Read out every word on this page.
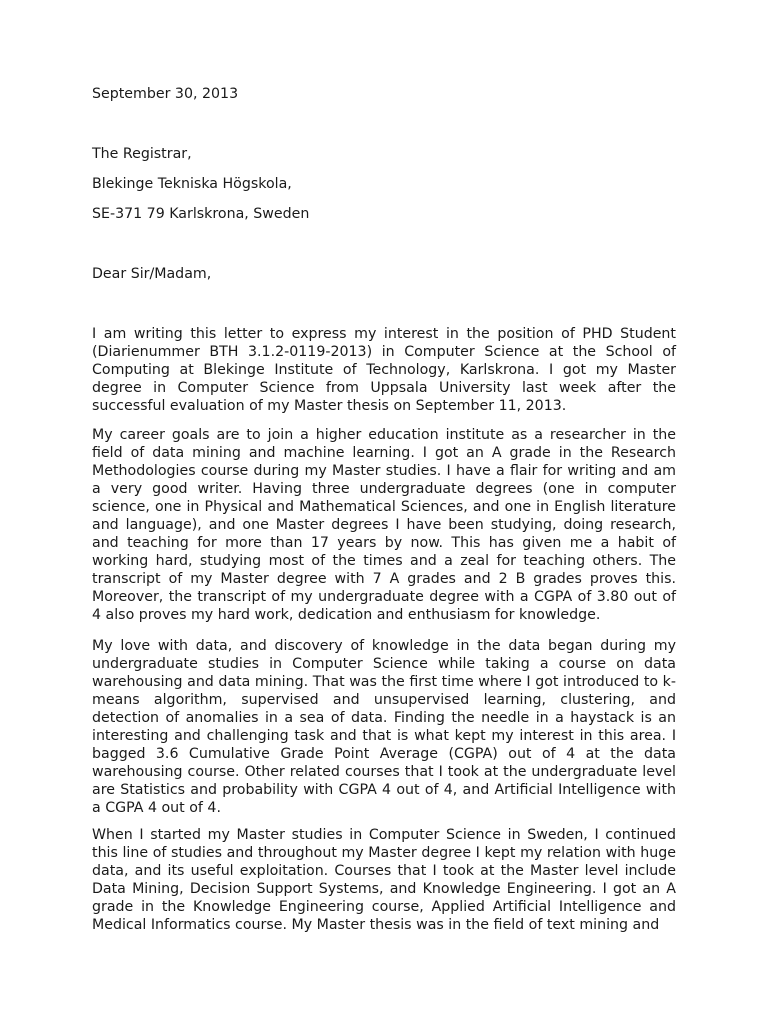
September 30, 2013

The Registrar,

Blekinge Tekniska Högskola,

SE-371 79 Karlskrona, Sweden

Dear Sir/Madam,

I am writing this letter to express my interest in the position of PHD Student (Diarienummer BTH 3.1.2-0119-2013) in Computer Science at the School of Computing at Blekinge Institute of Technology, Karlskrona. I got my Master degree in Computer Science from Uppsala University last week after the successful evaluation of my Master thesis on September 11, 2013.

My career goals are to join a higher education institute as a researcher in the field of data mining and machine learning. I got an A grade in the Research Methodologies course during my Master studies. I have a flair for writing and am a very good writer. Having three undergraduate degrees (one in computer science, one in Physical and Mathematical Sciences, and one in English literature and language), and one Master degrees I have been studying, doing research, and teaching for more than 17 years by now. This has given me a habit of working hard, studying most of the times and a zeal for teaching others. The transcript of my Master degree with 7 A grades and 2 B grades proves this. Moreover, the transcript of my undergraduate degree with a CGPA of 3.80 out of 4 also proves my hard work, dedication and enthusiasm for knowledge.

My love with data, and discovery of knowledge in the data began during my undergraduate studies in Computer Science while taking a course on data warehousing and data mining. That was the first time where I got introduced to k-means algorithm, supervised and unsupervised learning, clustering, and detection of anomalies in a sea of data. Finding the needle in a haystack is an interesting and challenging task and that is what kept my interest in this area. I bagged 3.6 Cumulative Grade Point Average (CGPA) out of 4 at the data warehousing course. Other related courses that I took at the undergraduate level are Statistics and probability with CGPA 4 out of 4, and Artificial Intelligence with a CGPA 4 out of 4.

When I started my Master studies in Computer Science in Sweden, I continued this line of studies and throughout my Master degree I kept my relation with huge data, and its useful exploitation. Courses that I took at the Master level include Data Mining, Decision Support Systems, and Knowledge Engineering. I got an A grade in the Knowledge Engineering course, Applied Artificial Intelligence and Medical Informatics course. My Master thesis was in the field of text mining and
